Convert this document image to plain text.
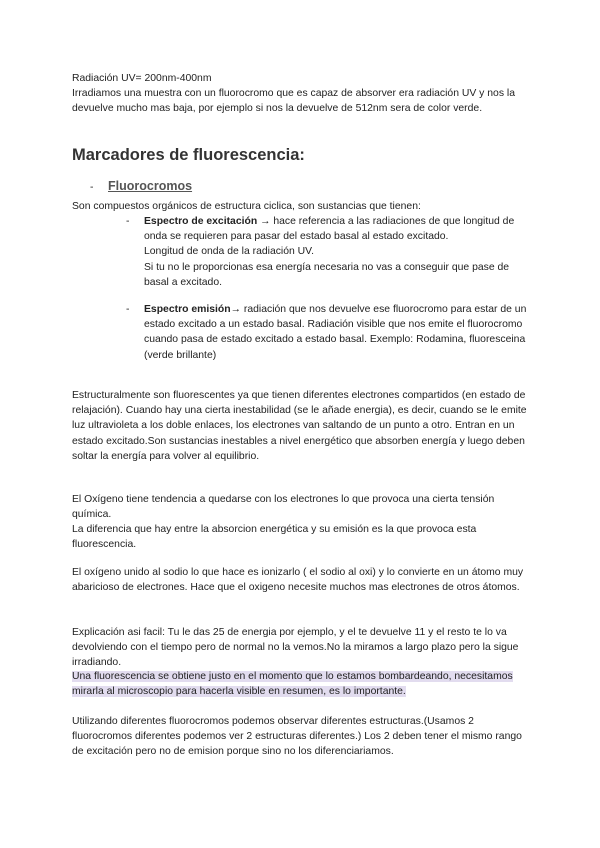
Radiación UV= 200nm-400nm

Irradiamos una muestra con un fluorocromo que es capaz de absorver era radiación UV y nos la devuelve mucho mas baja, por ejemplo si nos la devuelve de 512nm sera de color verde.

Marcadores de fluorescencia:
- Fluorocromos

Son compuestos orgánicos de estructura ciclica, son sustancias que tienen:

- Espectro de excitación → hace referencia a las radiaciones de que longitud de onda se requieren para pasar del estado basal al estado excitado.
Longitud de onda de la radiación UV.
Si tu no le proporcionas esa energía necesaria no vas a conseguir que pase de basal a excitado.

- Espectro emisión→ radiación que nos devuelve ese fluorocromo para estar de un estado excitado a un estado basal. Radiación visible que nos emite el fluorocromo cuando pasa de estado excitado a estado basal. Exemplo: Rodamina, fluoresceina (verde brillante)

Estructuralmente son fluorescentes ya que tienen diferentes electrones compartidos (en estado de relajación). Cuando hay una cierta inestabilidad (se le añade energia), es decir, cuando se le emite luz ultravioleta a los doble enlaces, los electrones van saltando de un punto a otro. Entran en un estado excitado.Son sustancias inestables a nivel energético que absorben energía y luego deben soltar la energía para volver al equilibrio.

El Oxígeno tiene tendencia a quedarse con los electrones lo que provoca una cierta tensión química.

La diferencia que hay entre la absorcion energética y su emisión es la que provoca esta fluorescencia.

El oxígeno unido al sodio lo que hace es ionizarlo ( el sodio al oxi) y lo convierte en un átomo muy abaricioso de electrones. Hace que el oxigeno necesite muchos mas electrones de otros átomos.

Explicación asi facil: Tu le das 25 de energia por ejemplo, y el te devuelve 11 y el resto te lo va devolviendo con el tiempo pero de normal no la vemos.No la miramos a largo plazo pero la sigue irradiando.

Una fluorescencia se obtiene justo en el momento que lo estamos bombardeando, necesitamos mirarla al microscopio para hacerla visible en resumen, es lo importante.

Utilizando diferentes fluorocromos podemos observar diferentes estructuras.(Usamos 2 fluorocromos diferentes podemos ver 2 estructuras diferentes.) Los 2 deben tener el mismo rango de excitación pero no de emision porque sino no los diferenciariamos.
